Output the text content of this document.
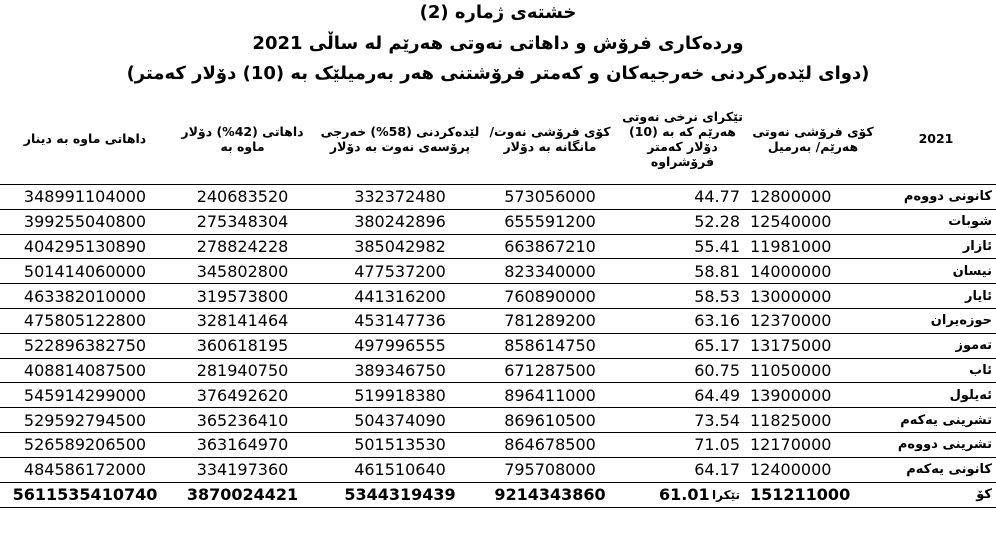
خشتەی ژمارە (2)
وردەکاری فرۆش و داهاتی نەوتی هەرێم لە ساڵی 2021
(دوای لێدەرکردنی خەرجیەکان و کەمتر فرۆشتنی هەر بەرمیلێک بە (10) دۆلار کەمتر)
داهاتی ماوە بە دینار	داهاتی (42%) دۆلار ماوە بە	لێدەکردنی (58%) خەرجی پرۆسەی نەوت بە دۆلار	کۆی فرۆشی نەوت/ مانگانە بە دۆلار	تێکرای نرخی نەوتی هەرێم کە بە (10) دۆلار کەمتر فرۆشراوە	کۆی فرۆشی نەوتی هەرێم/ بەرمیل	2021
348991104000	240683520	332372480	573056000	44.77	12800000	کانونی دووەم
399255040800	275348304	380242896	655591200	52.28	12540000	شوبات
404295130890	278824228	385042982	663867210	55.41	11981000	ئازار
501414060000	345802800	477537200	823340000	58.81	14000000	نیسان
463382010000	319573800	441316200	760890000	58.53	13000000	ئایار
475805122800	328141464	453147736	781289200	63.16	12370000	حوزەیران
522896382750	360618195	497996555	858614750	65.17	13175000	تەموز
408814087500	281940750	389346750	671287500	60.75	11050000	ئاب
545914299000	376492620	519918380	896411000	64.49	13900000	ئەیلول
529592794500	365236410	504374090	869610500	73.54	11825000	تشرینی یەکەم
526589206500	363164970	501513530	864678500	71.05	12170000	تشرینی دووەم
484586172000	334197360	461510640	795708000	64.17	12400000	کانونی یەکەم
5611535410740	3870024421	5344319439	9214343860	61.01 تێکرا	151211000	کۆ
